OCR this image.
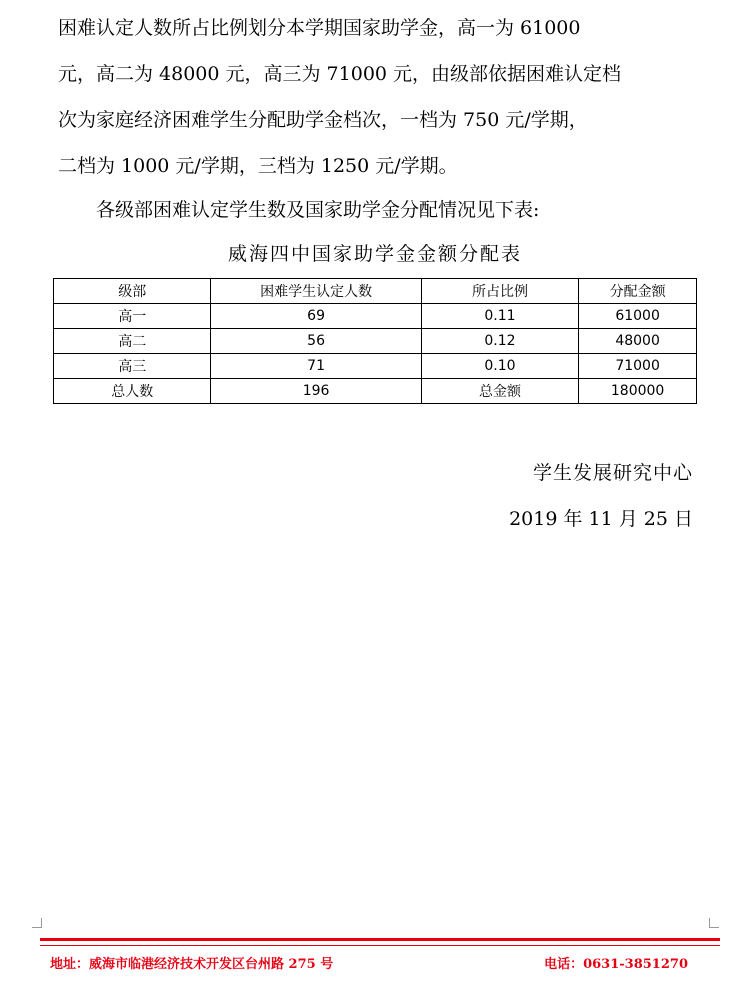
困难认定人数所占比例划分本学期国家助学金，高一为 61000
元，高二为 48000 元，高三为 71000 元，由级部依据困难认定档
次为家庭经济困难学生分配助学金档次，一档为 750 元/学期，
二档为 1000 元/学期，三档为 1250 元/学期。

各级部困难认定学生数及国家助学金分配情况见下表:

威海四中国家助学金金额分配表
级部	困难学生认定人数	所占比例	分配金额
高一	69	0.11	61000
高二	56	0.12	48000
高三	71	0.10	71000
总人数	196	总金额	180000
学生发展研究中心
2019 年 11 月 25 日
地址：威海市临港经济技术开发区台州路 275 号	电话：0631-3851270
